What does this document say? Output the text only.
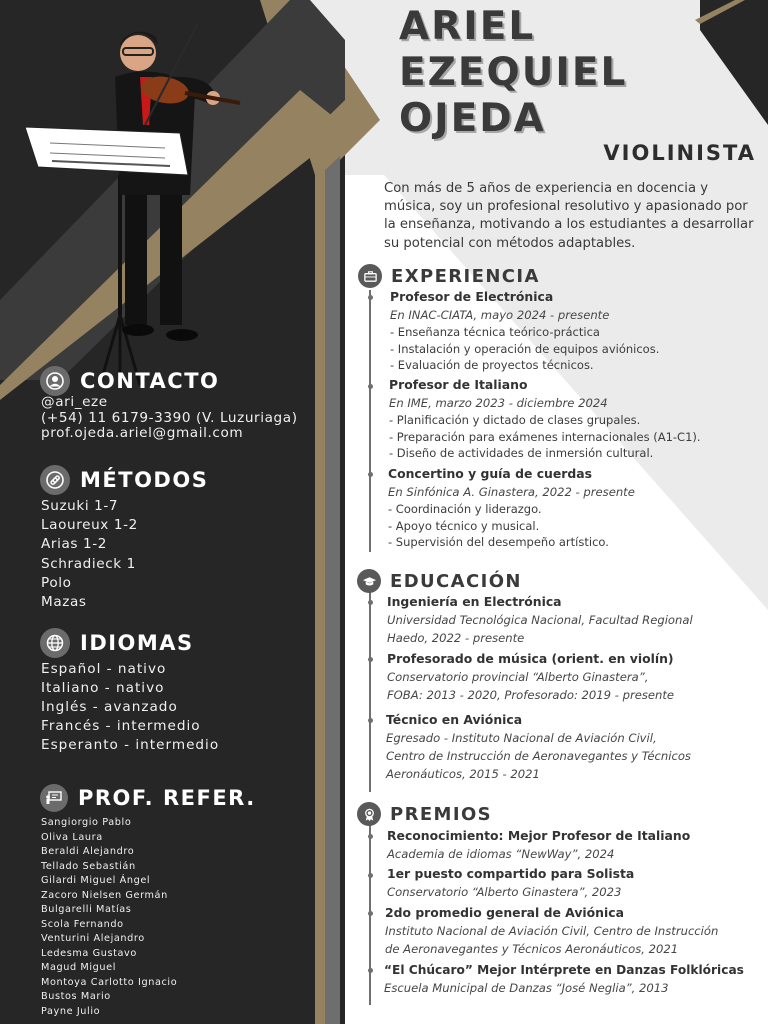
ARIEL
EZEQUIEL
OJEDA
VIOLINISTA
Con más de 5 años de experiencia en docencia y música, soy un profesional resolutivo y apasionado por la enseñanza, motivando a los estudiantes a desarrollar su potencial con métodos adaptables.
CONTACTO
@ari_eze
(+54) 11 6179-3390 (V. Luzuriaga)
prof.ojeda.ariel@gmail.com
MÉTODOS
Suzuki 1-7
Laoureux 1-2
Arias 1-2
Schradieck 1
Polo
Mazas
IDIOMAS
Español - nativo
Italiano - nativo
Inglés - avanzado
Francés - intermedio
Esperanto - intermedio
PROF. REFER.
Sangiorgio Pablo
Oliva Laura
Beraldi Alejandro
Tellado Sebastián
Gilardi Miguel Ángel
Zacoro Nielsen Germán
Bulgarelli Matías
Scola Fernando
Venturini Alejandro
Ledesma Gustavo
Magud Miguel
Montoya Carlotto Ignacio
Bustos Mario
Payne Julio
EXPERIENCIA
Profesor de Electrónica
En INAC-CIATA, mayo 2024 - presente
- Enseñanza técnica teórico-práctica
- Instalación y operación de equipos aviónicos.
- Evaluación de proyectos técnicos.
Profesor de Italiano
En IME, marzo 2023 - diciembre 2024
- Planificación y dictado de clases grupales.
- Preparación para exámenes internacionales (A1-C1).
- Diseño de actividades de inmersión cultural.
Concertino y guía de cuerdas
En Sinfónica A. Ginastera, 2022 - presente
- Coordinación y liderazgo.
- Apoyo técnico y musical.
- Supervisión del desempeño artístico.
EDUCACIÓN
Ingeniería en Electrónica
Universidad Tecnológica Nacional, Facultad Regional
Haedo, 2022 - presente
Profesorado de música (orient. en violín)
Conservatorio provincial “Alberto Ginastera”,
FOBA: 2013 - 2020, Profesorado: 2019 - presente
Técnico en Aviónica
Egresado - Instituto Nacional de Aviación Civil,
Centro de Instrucción de Aeronavegantes y Técnicos
Aeronáuticos, 2015 - 2021
PREMIOS
Reconocimiento: Mejor Profesor de Italiano
Academia de idiomas “NewWay”, 2024
1er puesto compartido para Solista
Conservatorio “Alberto Ginastera”, 2023
2do promedio general de Aviónica
Instituto Nacional de Aviación Civil, Centro de Instrucción
de Aeronavegantes y Técnicos Aeronáuticos, 2021
“El Chúcaro” Mejor Intérprete en Danzas Folklóricas
Escuela Municipal de Danzas “José Neglia”, 2013
